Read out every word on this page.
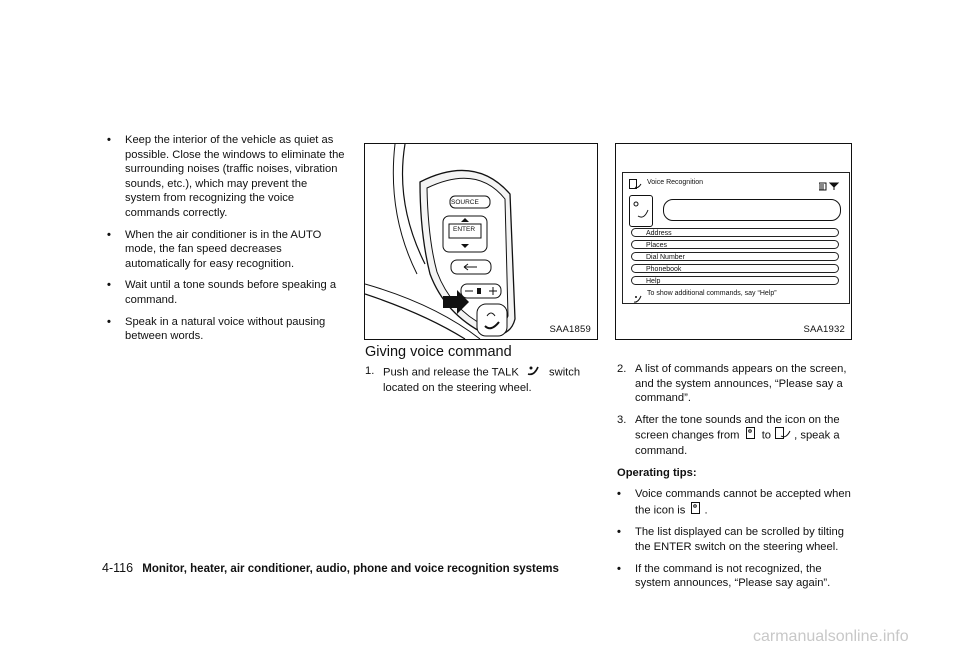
• Keep the interior of the vehicle as quiet as possible. Close the windows to eliminate the surrounding noises (traffic noises, vibration sounds, etc.), which may prevent the system from recognizing the voice commands correctly.
• When the air conditioner is in the AUTO mode, the fan speed decreases automatically for easy recognition.
• Wait until a tone sounds before speaking a command.
• Speak in a natural voice without pausing between words.
SOURCE
ENTER
SAA1859
Giving voice command
1. Push and release the TALK	switch located on the steering wheel.
SAA1932
Voice Recognition
Address
Places
Dial Number
Phonebook
Help
To show additional commands, say “Help”
2. A list of commands appears on the screen, and the system announces, “Please say a command”.
3. After the tone sounds and the icon on the screen changes from to , speak a command.
Operating tips:
• Voice commands cannot be accepted when the icon is .
• The list displayed can be scrolled by tilting the ENTER switch on the steering wheel.
• If the command is not recognized, the system announces, “Please say again”.
4-116 Monitor, heater, air conditioner, audio, phone and voice recognition systems
carmanualsonline.info
